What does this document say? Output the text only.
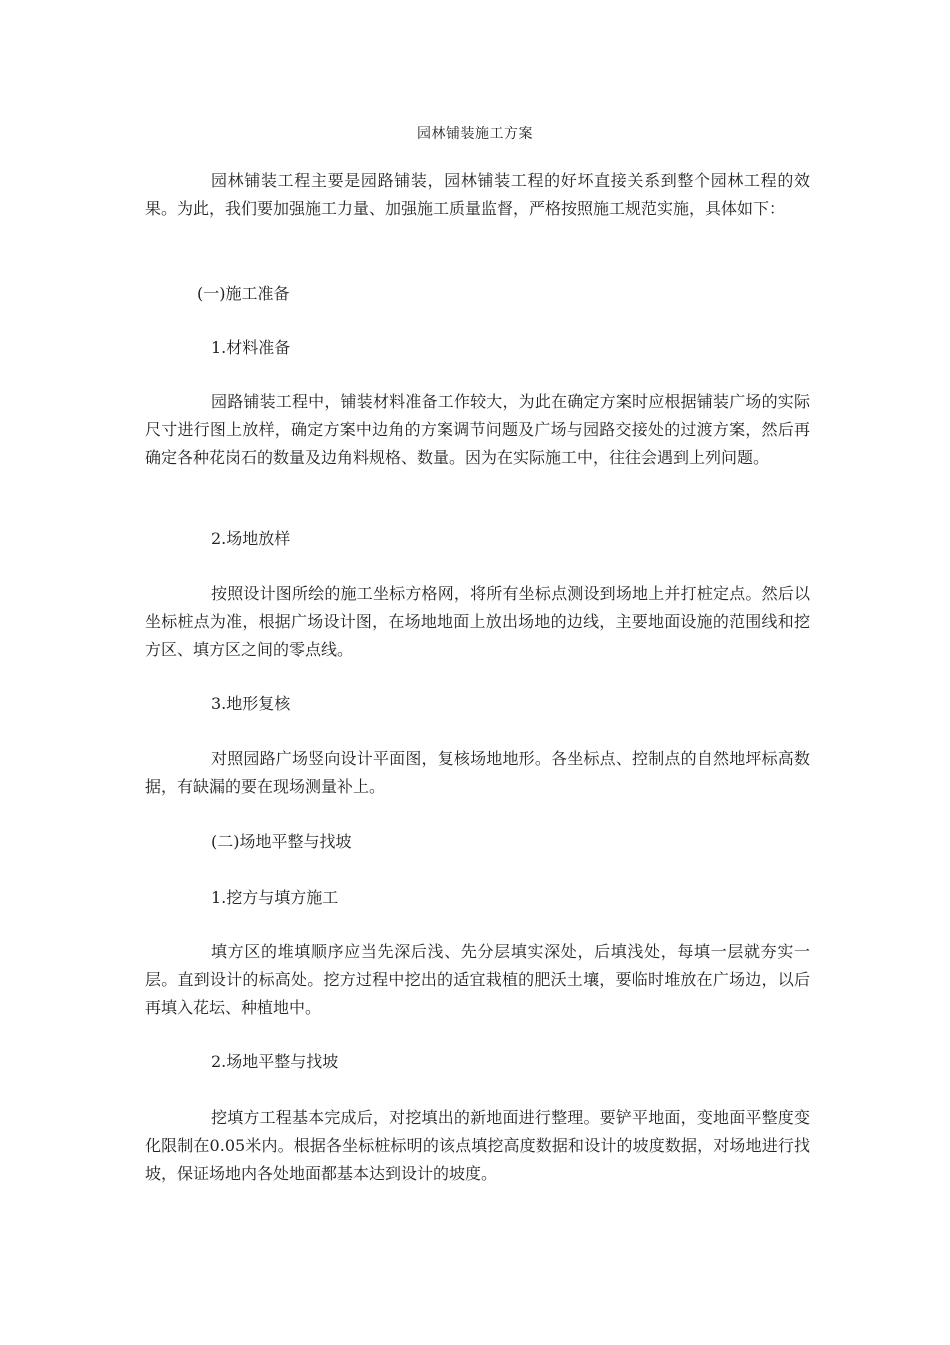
园林铺装施工方案
园林铺装工程主要是园路铺装，园林铺装工程的好坏直接关系到整个园林工程的效果。为此，我们要加强施工力量、加强施工质量监督，严格按照施工规范实施，具体如下：
(一)施工准备
1.材料准备
园路铺装工程中，铺装材料准备工作较大，为此在确定方案时应根据铺装广场的实际尺寸进行图上放样，确定方案中边角的方案调节问题及广场与园路交接处的过渡方案，然后再确定各种花岗石的数量及边角料规格、数量。因为在实际施工中，往往会遇到上列问题。
2.场地放样
按照设计图所绘的施工坐标方格网，将所有坐标点测设到场地上并打桩定点。然后以坐标桩点为准，根据广场设计图，在场地地面上放出场地的边线，主要地面设施的范围线和挖方区、填方区之间的零点线。
3.地形复核
对照园路广场竖向设计平面图，复核场地地形。各坐标点、控制点的自然地坪标高数据，有缺漏的要在现场测量补上。
(二)场地平整与找坡
1.挖方与填方施工
填方区的堆填顺序应当先深后浅、先分层填实深处，后填浅处，每填一层就夯实一层。直到设计的标高处。挖方过程中挖出的适宜栽植的肥沃土壤，要临时堆放在广场边，以后再填入花坛、种植地中。
2.场地平整与找坡
挖填方工程基本完成后，对挖填出的新地面进行整理。要铲平地面，变地面平整度变化限制在0.05米内。根据各坐标桩标明的该点填挖高度数据和设计的坡度数据，对场地进行找坡，保证场地内各处地面都基本达到设计的坡度。
